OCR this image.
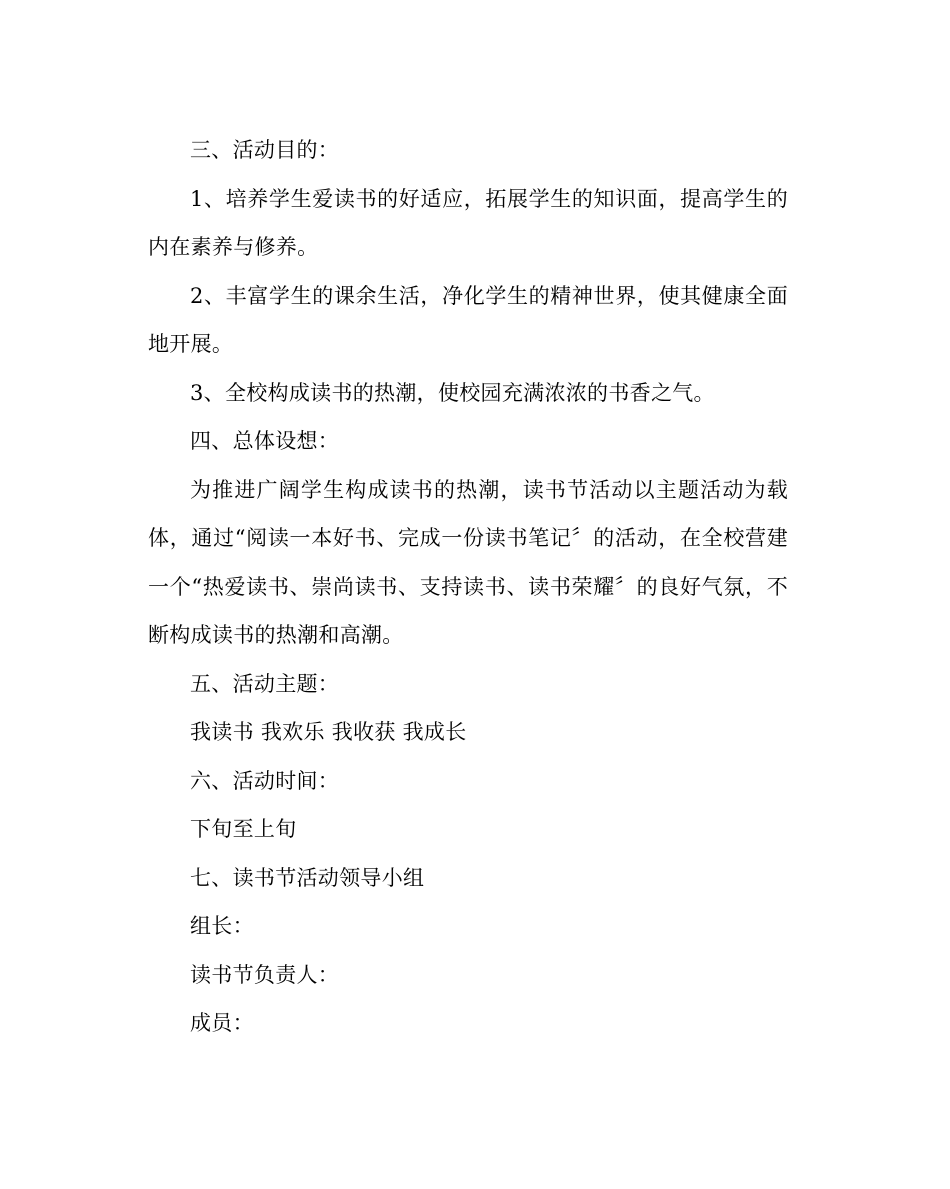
三、活动目的：

1、培养学生爱读书的好适应，拓展学生的知识面，提高学生的内在素养与修养。

2、丰富学生的课余生活，净化学生的精神世界，使其健康全面地开展。

3、全校构成读书的热潮，使校园充满浓浓的书香之气。

四、总体设想：

为推进广阔学生构成读书的热潮，读书节活动以主题活动为载体，通过“阅读一本好书、完成一份读书笔记〞的活动，在全校营建一个“热爱读书、崇尚读书、支持读书、读书荣耀〞的良好气氛，不断构成读书的热潮和高潮。

五、活动主题：

我读书 我欢乐 我收获 我成长

六、活动时间：

下旬至上旬

七、读书节活动领导小组

组长：

读书节负责人：

成员：
